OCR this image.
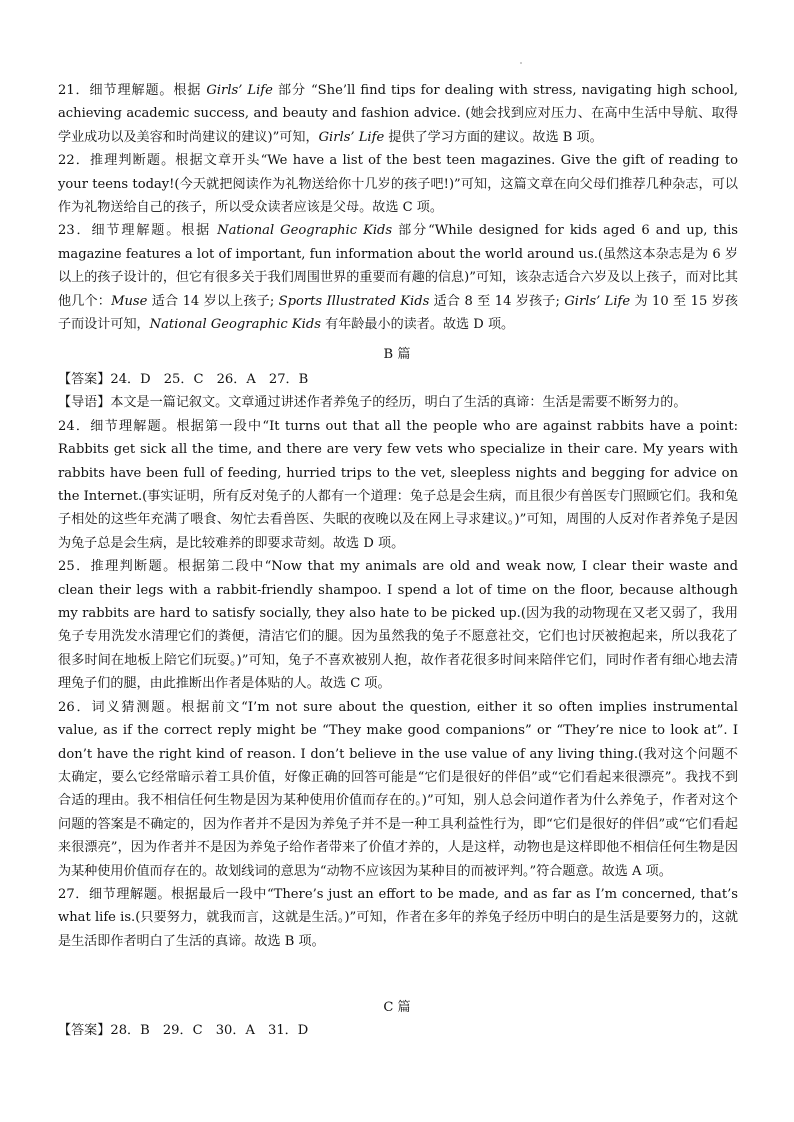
21．细节理解题。根据 Girls’ Life 部分 “She’ll find tips for dealing with stress, navigating high school, achieving academic success, and beauty and fashion advice. (她会找到应对压力、在高中生活中导航、取得学业成功以及美容和时尚建议的建议)”可知，Girls’ Life 提供了学习方面的建议。故选 B 项。

22．推理判断题。根据文章开头“We have a list of the best teen magazines. Give the gift of reading to your teens today!(今天就把阅读作为礼物送给你十几岁的孩子吧!)”可知，这篇文章在向父母们推荐几种杂志，可以作为礼物送给自己的孩子，所以受众读者应该是父母。故选 C 项。

23．细节理解题。根据 National Geographic Kids 部分“While designed for kids aged 6 and up, this magazine features a lot of important, fun information about the world around us.(虽然这本杂志是为 6 岁以上的孩子设计的，但它有很多关于我们周围世界的重要而有趣的信息)”可知，该杂志适合六岁及以上孩子，而对比其他几个：Muse 适合 14 岁以上孩子; Sports Illustrated Kids 适合 8 至 14 岁孩子; Girls’ Life 为 10 至 15 岁孩子而设计可知，National Geographic Kids 有年龄最小的读者。故选 D 项。

B 篇

【答案】24．D　25．C　26．A　27．B

【导语】本文是一篇记叙文。文章通过讲述作者养兔子的经历，明白了生活的真谛：生活是需要不断努力的。

24．细节理解题。根据第一段中“It turns out that all the people who are against rabbits have a point: Rabbits get sick all the time, and there are very few vets who specialize in their care. My years with rabbits have been full of feeding, hurried trips to the vet, sleepless nights and begging for advice on the Internet.(事实证明，所有反对兔子的人都有一个道理：兔子总是会生病，而且很少有兽医专门照顾它们。我和兔子相处的这些年充满了喂食、匆忙去看兽医、失眠的夜晚以及在网上寻求建议。)”可知，周围的人反对作者养兔子是因为兔子总是会生病，是比较难养的即要求苛刻。故选 D 项。

25．推理判断题。根据第二段中“Now that my animals are old and weak now, I clear their waste and clean their legs with a rabbit-friendly shampoo. I spend a lot of time on the floor, because although my rabbits are hard to satisfy socially, they also hate to be picked up.(因为我的动物现在又老又弱了，我用兔子专用洗发水清理它们的粪便，清洁它们的腿。因为虽然我的兔子不愿意社交，它们也讨厌被抱起来，所以我花了很多时间在地板上陪它们玩耍。)”可知，兔子不喜欢被别人抱，故作者花很多时间来陪伴它们，同时作者有细心地去清理兔子们的腿，由此推断出作者是体贴的人。故选 C 项。

26．词义猜测题。根据前文“I’m not sure about the question, either it so often implies instrumental value, as if the correct reply might be “They make good companions” or “They’re nice to look at”. I don’t have the right kind of reason. I don’t believe in the use value of any living thing.(我对这个问题不太确定，要么它经常暗示着工具价值，好像正确的回答可能是“它们是很好的伴侣”或“它们看起来很漂亮”。我找不到合适的理由。我不相信任何生物是因为某种使用价值而存在的。)”可知，别人总会问道作者为什么养兔子，作者对这个问题的答案是不确定的，因为作者并不是因为养兔子并不是一种工具利益性行为，即“它们是很好的伴侣”或“它们看起来很漂亮”，因为作者并不是因为养兔子给作者带来了价值才养的，人是这样，动物也是这样即他不相信任何生物是因为某种使用价值而存在的。故划线词的意思为“动物不应该因为某种目的而被评判。”符合题意。故选 A 项。

27．细节理解题。根据最后一段中“There’s just an effort to be made, and as far as I’m concerned, that’s what life is.(只要努力，就我而言，这就是生活。)”可知，作者在多年的养兔子经历中明白的是生活是要努力的，这就是生活即作者明白了生活的真谛。故选 B 项。

C 篇

【答案】28．B　29．C　30．A　31．D
